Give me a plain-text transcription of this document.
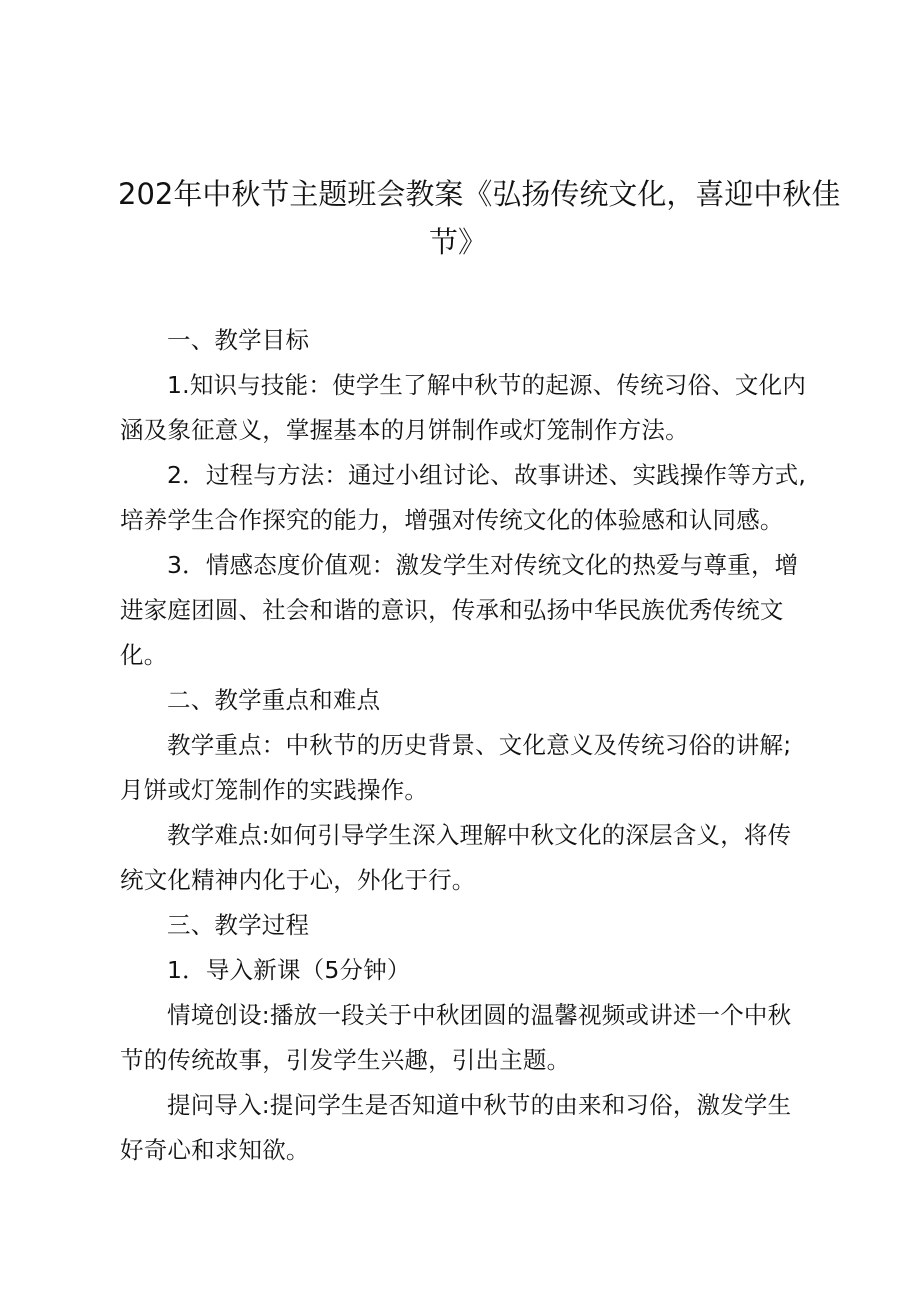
202年中秋节主题班会教案《弘扬传统文化，喜迎中秋佳
节》

一、教学目标

1.知识与技能：使学生了解中秋节的起源、传统习俗、文化内涵及象征意义，掌握基本的月饼制作或灯笼制作方法。

2．过程与方法：通过小组讨论、故事讲述、实践操作等方式,培养学生合作探究的能力，增强对传统文化的体验感和认同感。

3．情感态度价值观：激发学生对传统文化的热爱与尊重，增进家庭团圆、社会和谐的意识，传承和弘扬中华民族优秀传统文化。

二、教学重点和难点

教学重点：中秋节的历史背景、文化意义及传统习俗的讲解;月饼或灯笼制作的实践操作。

教学难点:如何引导学生深入理解中秋文化的深层含义，将传统文化精神内化于心，外化于行。

三、教学过程

1．导入新课（5分钟）

情境创设:播放一段关于中秋团圆的温馨视频或讲述一个中秋节的传统故事，引发学生兴趣，引出主题。

提问导入:提问学生是否知道中秋节的由来和习俗，激发学生好奇心和求知欲。
